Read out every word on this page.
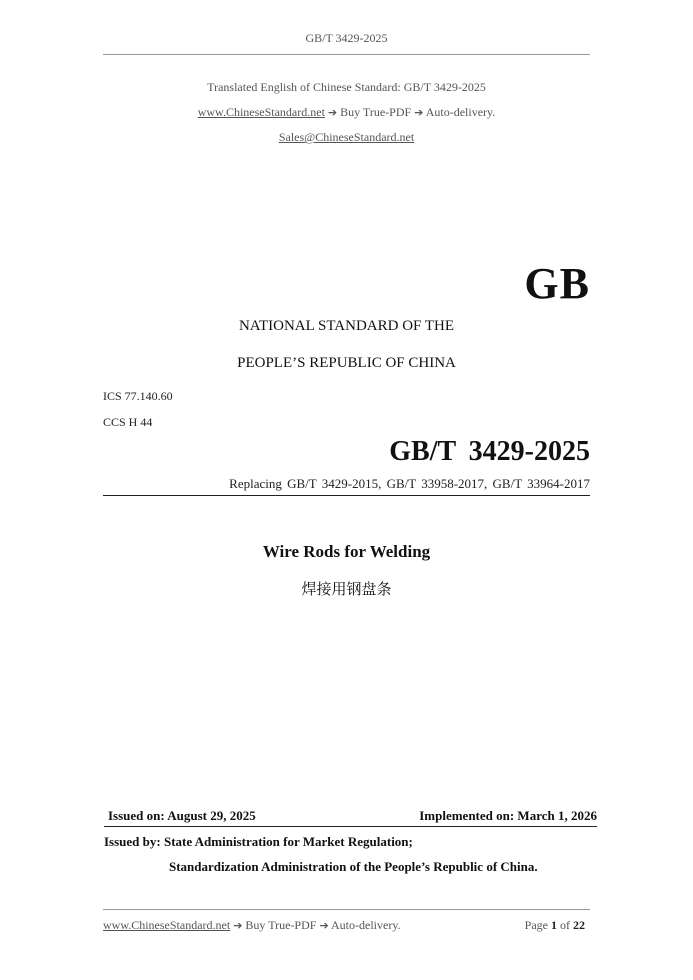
GB/T 3429-2025
Translated English of Chinese Standard: GB/T 3429-2025
www.ChineseStandard.net ➔ Buy True-PDF ➔ Auto-delivery.
Sales@ChineseStandard.net
GB
NATIONAL STANDARD OF THE
PEOPLE’S REPUBLIC OF CHINA
ICS 77.140.60
CCS H 44
GB/T 3429-2025
Replacing GB/T 3429-2015, GB/T 33958-2017, GB/T 33964-2017
Wire Rods for Welding
焊接用钢盘条
Issued on: August 29, 2025	Implemented on: March 1, 2026
Issued by: State Administration for Market Regulation;
Standardization Administration of the People’s Republic of China.
www.ChineseStandard.net ➔ Buy True-PDF ➔ Auto-delivery.	Page 1 of 22
